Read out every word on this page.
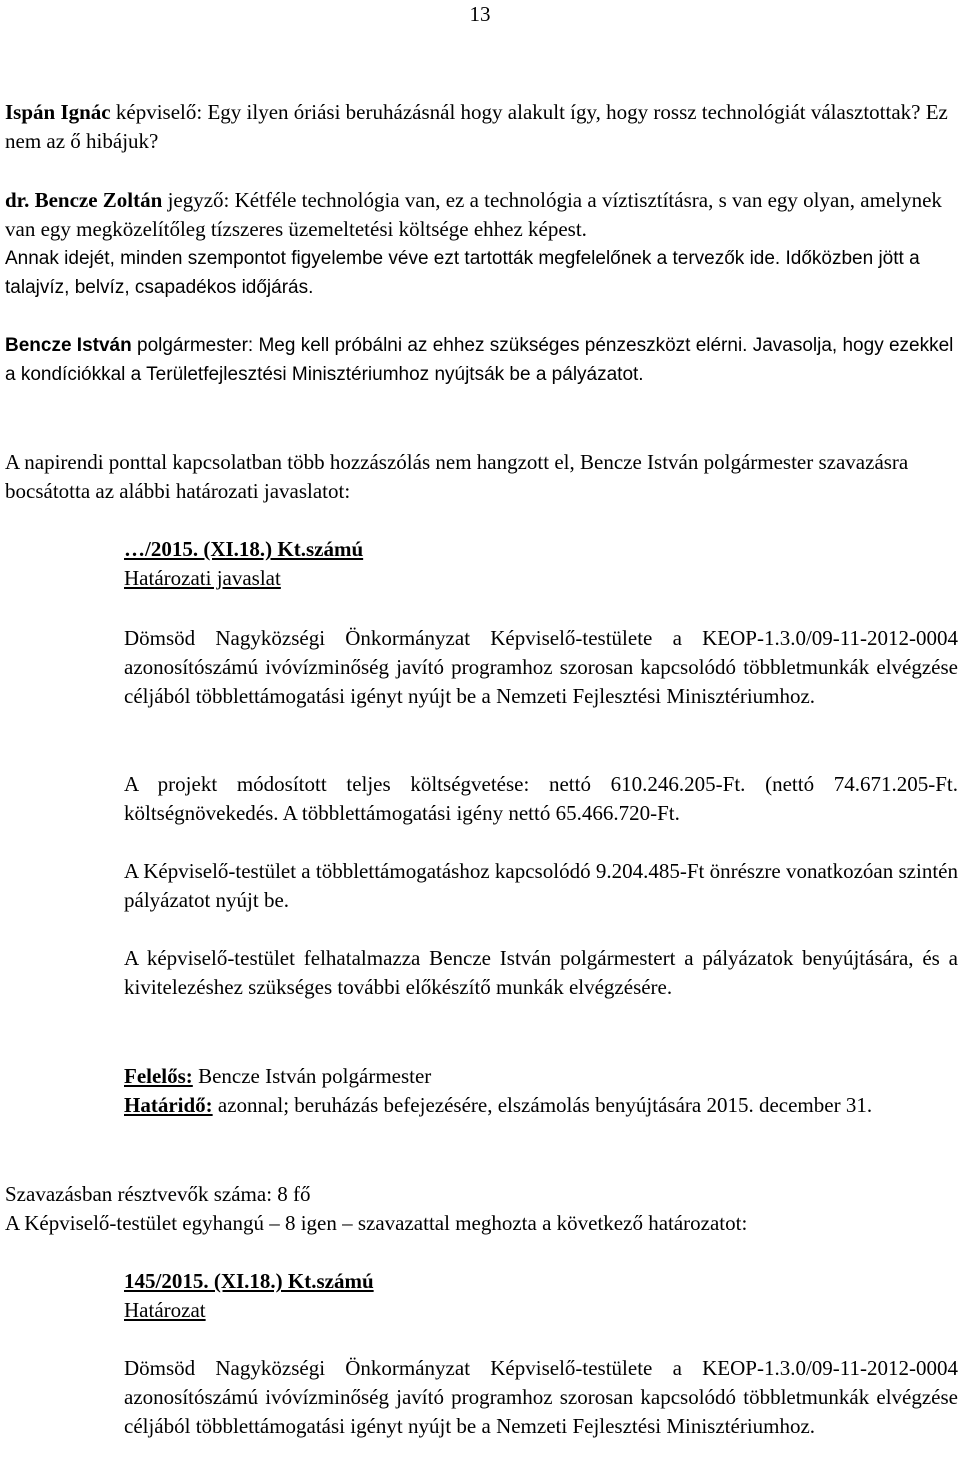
13

Ispán Ignác képviselő: Egy ilyen óriási beruházásnál hogy alakult így, hogy rossz technológiát választottak? Ez nem az ő hibájuk?

dr. Bencze Zoltán jegyző: Kétféle technológia van, ez a technológia a víztisztításra, s van egy olyan, amelynek van egy megközelítőleg tízszeres üzemeltetési költsége ehhez képest.

Annak idejét, minden szempontot figyelembe véve ezt tartották megfelelőnek a tervezők ide. Időközben jött a talajvíz, belvíz, csapadékos időjárás.

Bencze István polgármester: Meg kell próbálni az ehhez szükséges pénzeszközt elérni. Javasolja, hogy ezekkel a kondíciókkal a Területfejlesztési Minisztériumhoz nyújtsák be a pályázatot.

A napirendi ponttal kapcsolatban több hozzászólás nem hangzott el, Bencze István polgármester szavazásra bocsátotta az alábbi határozati javaslatot:

…/2015. (XI.18.) Kt.számú
Határozati javaslat

Dömsöd Nagyközségi Önkormányzat Képviselő-testülete a KEOP-1.3.0/09-11-2012-0004 azonosítószámú ivóvízminőség javító programhoz szorosan kapcsolódó többletmunkák elvégzése céljából többlettámogatási igényt nyújt be a Nemzeti Fejlesztési Minisztériumhoz.

A projekt módosított teljes költségvetése: nettó 610.246.205-Ft. (nettó 74.671.205-Ft. költségnövekedés. A többlettámogatási igény nettó 65.466.720-Ft.

A Képviselő-testület a többlettámogatáshoz kapcsolódó 9.204.485-Ft önrészre vonatkozóan szintén pályázatot nyújt be.

A képviselő-testület felhatalmazza Bencze István polgármestert a pályázatok benyújtására, és a kivitelezéshez szükséges további előkészítő munkák elvégzésére.

Felelős: Bencze István polgármester

Határidő: azonnal; beruházás befejezésére, elszámolás benyújtására 2015. december 31.

Szavazásban résztvevők száma: 8 fő

A Képviselő-testület egyhangú – 8 igen – szavazattal meghozta a következő határozatot:

145/2015. (XI.18.) Kt.számú
Határozat

Dömsöd Nagyközségi Önkormányzat Képviselő-testülete a KEOP-1.3.0/09-11-2012-0004 azonosítószámú ivóvízminőség javító programhoz szorosan kapcsolódó többletmunkák elvégzése céljából többlettámogatási igényt nyújt be a Nemzeti Fejlesztési Minisztériumhoz.
